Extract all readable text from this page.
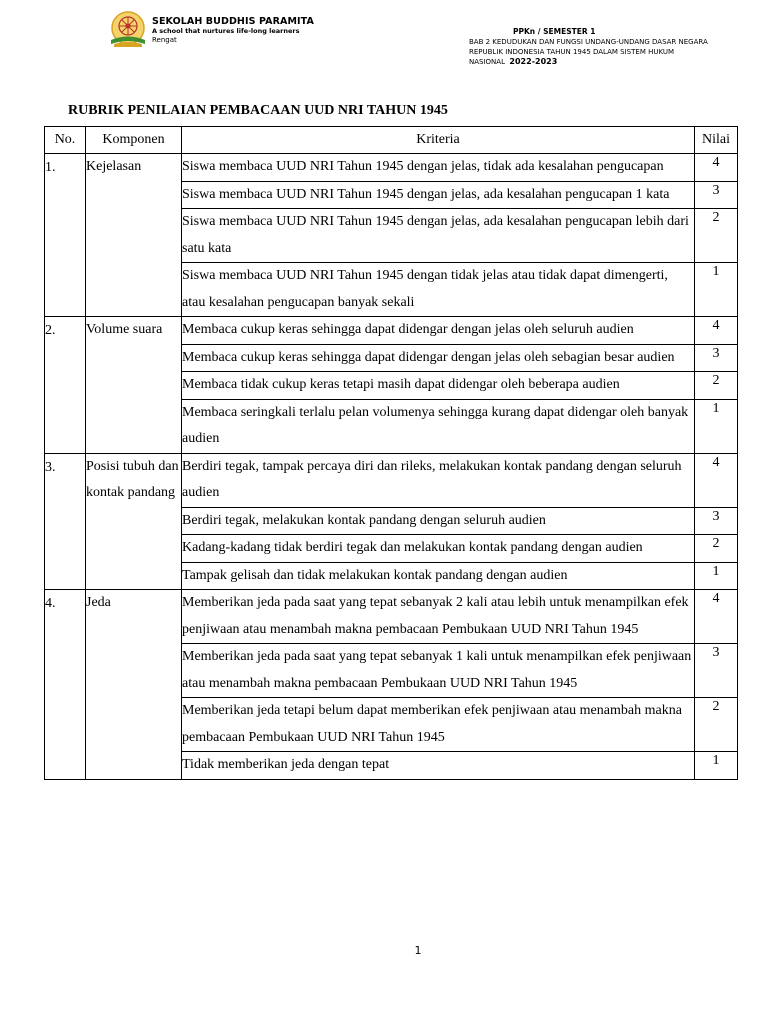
SEKOLAH BUDDHIS PARAMITA
A school that nurtures life-long learners
Rengat
PPKn / SEMESTER 1
BAB 2 KEDUDUKAN DAN FUNGSI UNDANG-UNDANG DASAR NEGARA
REPUBLIK INDONESIA TAHUN 1945 DALAM SISTEM HUKUM
NASIONAL 2022-2023
RUBRIK PENILAIAN PEMBACAAN UUD NRI TAHUN 1945
No.	Komponen	Kriteria	Nilai
1.	Kejelasan	Siswa membaca UUD NRI Tahun 1945 dengan jelas, tidak ada kesalahan pengucapan	4
		Siswa membaca UUD NRI Tahun 1945 dengan jelas, ada kesalahan pengucapan 1 kata	3
		Siswa membaca UUD NRI Tahun 1945 dengan jelas, ada kesalahan pengucapan lebih dari satu kata	2
		Siswa membaca UUD NRI Tahun 1945 dengan tidak jelas atau tidak dapat dimengerti, atau kesalahan pengucapan banyak sekali	1
2.	Volume suara	Membaca cukup keras sehingga dapat didengar dengan jelas oleh seluruh audien	4
		Membaca cukup keras sehingga dapat didengar dengan jelas oleh sebagian besar audien	3
		Membaca tidak cukup keras tetapi masih dapat didengar oleh beberapa audien	2
		Membaca seringkali terlalu pelan volumenya sehingga kurang dapat didengar oleh banyak audien	1
3.	Posisi tubuh dan kontak pandang	Berdiri tegak, tampak percaya diri dan rileks, melakukan kontak pandang dengan seluruh audien	4
		Berdiri tegak, melakukan kontak pandang dengan seluruh audien	3
		Kadang-kadang tidak berdiri tegak dan melakukan kontak pandang dengan audien	2
		Tampak gelisah dan tidak melakukan kontak pandang dengan audien	1
4.	Jeda	Memberikan jeda pada saat yang tepat sebanyak 2 kali atau lebih untuk menampilkan efek penjiwaan atau menambah makna pembacaan Pembukaan UUD NRI Tahun 1945	4
		Memberikan jeda pada saat yang tepat sebanyak 1 kali untuk menampilkan efek penjiwaan atau menambah makna pembacaan Pembukaan UUD NRI Tahun 1945	3
		Memberikan jeda tetapi belum dapat memberikan efek penjiwaan atau menambah makna pembacaan Pembukaan UUD NRI Tahun 1945	2
		Tidak memberikan jeda dengan tepat	1
1
